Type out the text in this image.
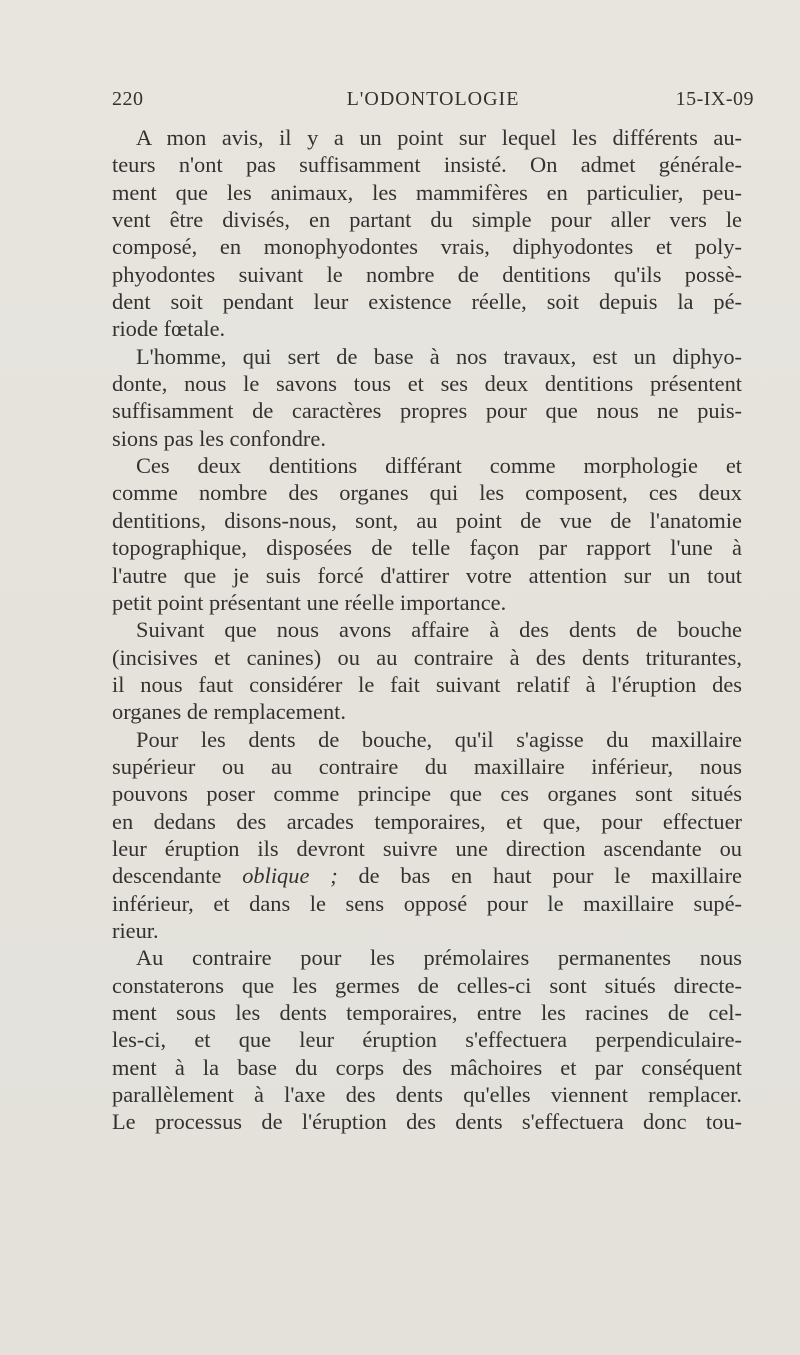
220	L'ODONTOLOGIE	15-IX-09

A mon avis, il y a un point sur lequel les différents au-
teurs n'ont pas suffisamment insisté. On admet générale-
ment que les animaux, les mammifères en particulier, peu-
vent être divisés, en partant du simple pour aller vers le
composé, en monophyodontes vrais, diphyodontes et poly-
phyodontes suivant le nombre de dentitions qu'ils possè-
dent soit pendant leur existence réelle, soit depuis la pé-
riode fœtale.

L'homme, qui sert de base à nos travaux, est un diphyo-
donte, nous le savons tous et ses deux dentitions présentent
suffisamment de caractères propres pour que nous ne puis-
sions pas les confondre.

Ces deux dentitions différant comme morphologie et
comme nombre des organes qui les composent, ces deux
dentitions, disons-nous, sont, au point de vue de l'anatomie
topographique, disposées de telle façon par rapport l'une à
l'autre que je suis forcé d'attirer votre attention sur un tout
petit point présentant une réelle importance.

Suivant que nous avons affaire à des dents de bouche
(incisives et canines) ou au contraire à des dents triturantes,
il nous faut considérer le fait suivant relatif à l'éruption des
organes de remplacement.

Pour les dents de bouche, qu'il s'agisse du maxillaire
supérieur ou au contraire du maxillaire inférieur, nous
pouvons poser comme principe que ces organes sont situés
en dedans des arcades temporaires, et que, pour effectuer
leur éruption ils devront suivre une direction ascendante ou
descendante oblique ; de bas en haut pour le maxillaire
inférieur, et dans le sens opposé pour le maxillaire supé-
rieur.

Au contraire pour les prémolaires permanentes nous
constaterons que les germes de celles-ci sont situés directe-
ment sous les dents temporaires, entre les racines de cel-
les-ci, et que leur éruption s'effectuera perpendiculaire-
ment à la base du corps des mâchoires et par conséquent
parallèlement à l'axe des dents qu'elles viennent remplacer.
Le processus de l'éruption des dents s'effectuera donc tou-
